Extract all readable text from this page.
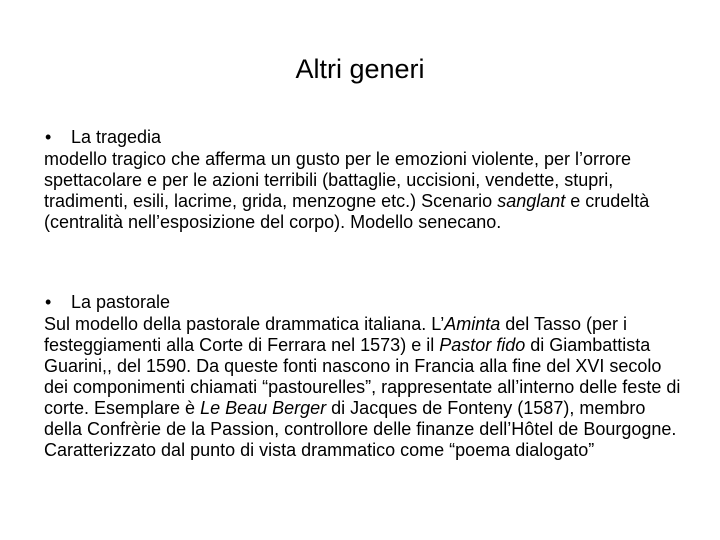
Altri generi

• La tragedia

modello tragico che afferma un gusto per le emozioni violente, per l’orrore spettacolare e per le azioni terribili (battaglie, uccisioni, vendette, stupri, tradimenti, esili, lacrime, grida, menzogne etc.) Scenario sanglant e crudeltà (centralità nell’esposizione del corpo). Modello senecano.

• La pastorale

Sul modello della pastorale drammatica italiana. L’Aminta del Tasso (per i festeggiamenti alla Corte di Ferrara nel 1573) e il Pastor fido di Giambattista Guarini,, del 1590. Da queste fonti nascono in Francia alla fine del XVI secolo dei componimenti chiamati “pastourelles”, rappresentate all’interno delle feste di corte. Esemplare è Le Beau Berger di Jacques de Fonteny (1587), membro della Confrèrie de la Passion, controllore delle finanze dell’Hôtel de Bourgogne. Caratterizzato dal punto di vista drammatico come “poema dialogato”
